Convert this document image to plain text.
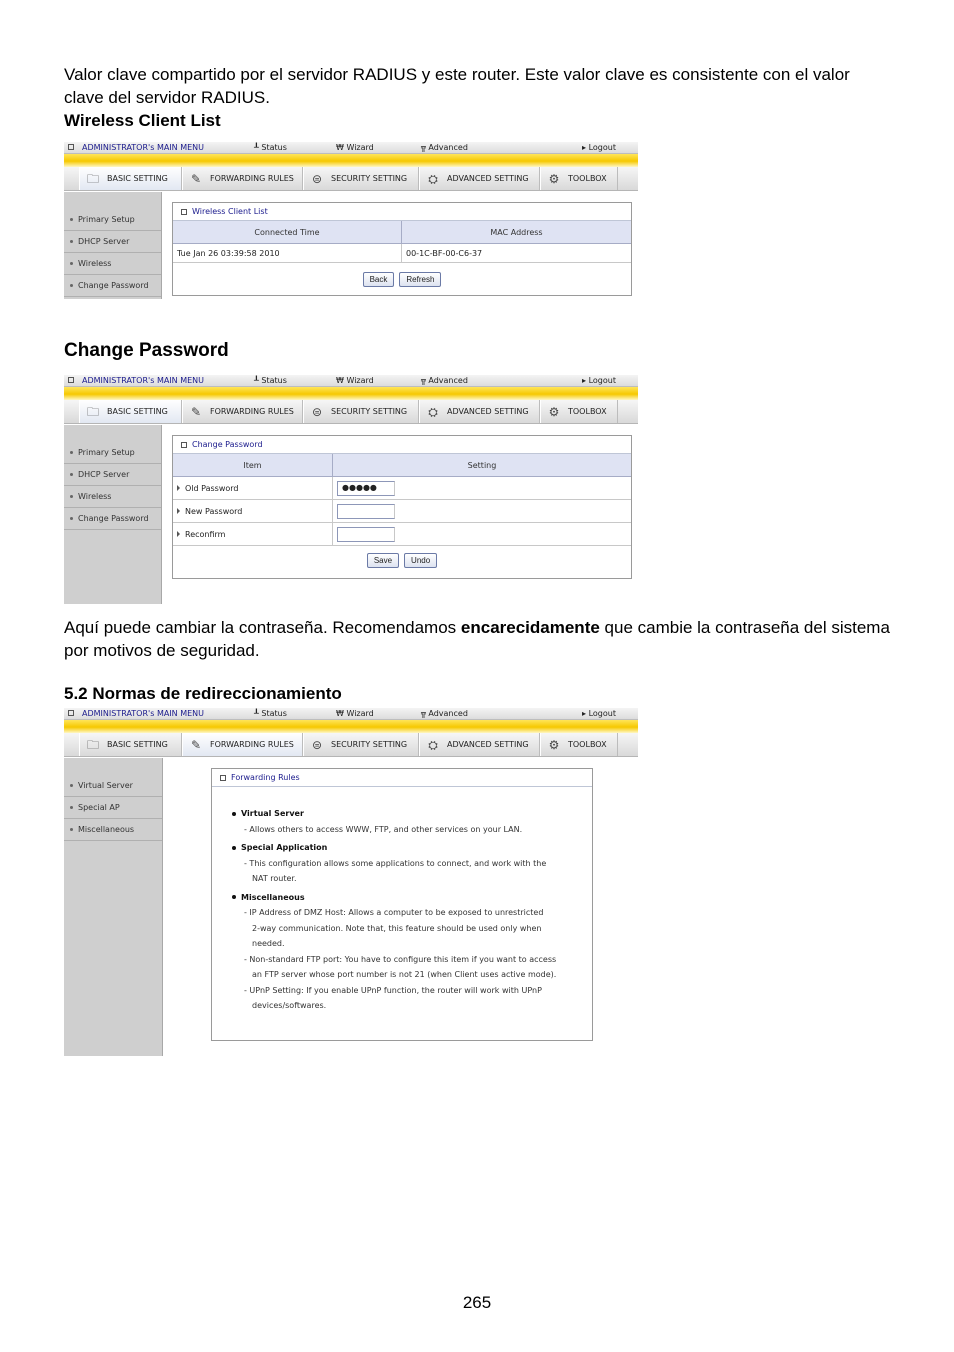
Valor clave compartido por el servidor RADIUS y este router. Este valor clave es consistente con el valor clave del servidor RADIUS.

Wireless Client List
ADMINISTRATOR's MAIN MENU	┸ Status	₩ Wizard	╦ Advanced	▸ Logout
🗀	BASIC SETTING	✎	FORWARDING RULES	⊜	SECURITY SETTING	⛭	ADVANCED SETTING	⚙	TOOLBOX
Primary Setup
DHCP Server
Wireless
Change Password
Wireless Client List
Connected Time	MAC Address
Tue Jan 26 03:39:58 2010	00-1C-BF-00-C6-37
Back	Refresh
Change Password
ADMINISTRATOR's MAIN MENU	┸ Status	₩ Wizard	╦ Advanced	▸ Logout
🗀	BASIC SETTING	✎	FORWARDING RULES	⊜	SECURITY SETTING	⛭	ADVANCED SETTING	⚙	TOOLBOX
Primary Setup
DHCP Server
Wireless
Change Password
Change Password
Item	Setting
Old Password	●●●●●
New Password
Reconfirm
Save	Undo

Aquí puede cambiar la contraseña. Recomendamos encarecidamente que cambie la contraseña del sistema por motivos de seguridad.

5.2 Normas de redireccionamiento
ADMINISTRATOR's MAIN MENU	┸ Status	₩ Wizard	╦ Advanced	▸ Logout
🗀	BASIC SETTING	✎	FORWARDING RULES	⊜	SECURITY SETTING	⛭	ADVANCED SETTING	⚙	TOOLBOX
Virtual Server
Special AP
Miscellaneous
Forwarding Rules
Virtual Server
- Allows others to access WWW, FTP, and other services on your LAN.
Special Application
- This configuration allows some applications to connect, and work with the
NAT router.
Miscellaneous
- IP Address of DMZ Host: Allows a computer to be exposed to unrestricted
2-way communication. Note that, this feature should be used only when
needed.
- Non-standard FTP port: You have to configure this item if you want to access
an FTP server whose port number is not 21 (when Client uses active mode).
- UPnP Setting: If you enable UPnP function, the router will work with UPnP
devices/softwares.
265
